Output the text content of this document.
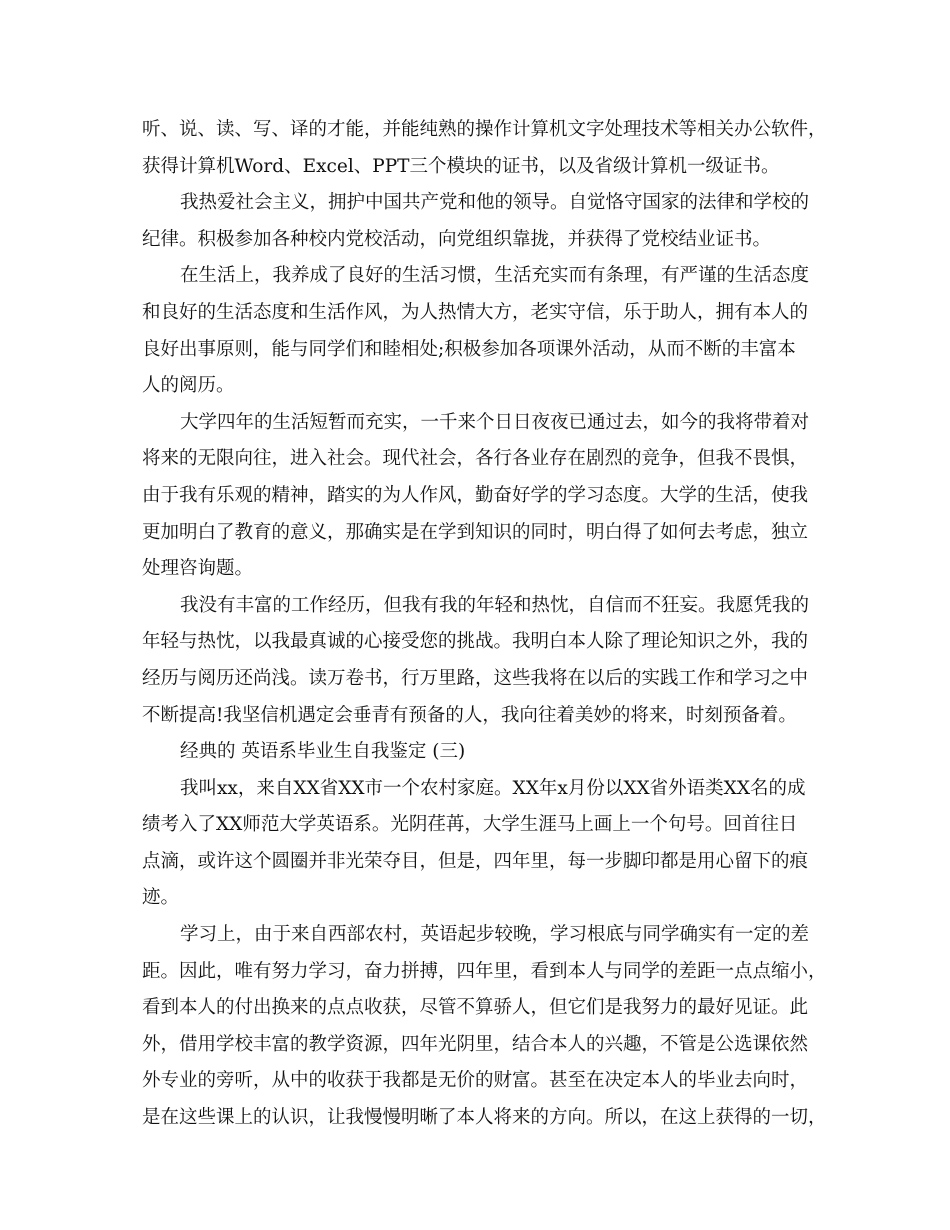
听、说、读、写、译的才能，并能纯熟的操作计算机文字处理技术等相关办公软件，
获得计算机Word、Excel、PPT三个模块的证书，以及省级计算机一级证书。
我热爱社会主义，拥护中国共产党和他的领导。自觉恪守国家的法律和学校的
纪律。积极参加各种校内党校活动，向党组织靠拢，并获得了党校结业证书。
在生活上，我养成了良好的生活习惯，生活充实而有条理，有严谨的生活态度
和良好的生活态度和生活作风，为人热情大方，老实守信，乐于助人，拥有本人的
良好出事原则，能与同学们和睦相处;积极参加各项课外活动，从而不断的丰富本
人的阅历。
大学四年的生活短暂而充实，一千来个日日夜夜已通过去，如今的我将带着对
将来的无限向往，进入社会。现代社会，各行各业存在剧烈的竞争，但我不畏惧，
由于我有乐观的精神，踏实的为人作风，勤奋好学的学习态度。大学的生活，使我
更加明白了教育的意义，那确实是在学到知识的同时，明白得了如何去考虑，独立
处理咨询题。
我没有丰富的工作经历，但我有我的年轻和热忱，自信而不狂妄。我愿凭我的
年轻与热忱，以我最真诚的心接受您的挑战。我明白本人除了理论知识之外，我的
经历与阅历还尚浅。读万卷书，行万里路，这些我将在以后的实践工作和学习之中
不断提高!我坚信机遇定会垂青有预备的人，我向往着美妙的将来，时刻预备着。
经典的 英语系毕业生自我鉴定 (三)
我叫xx，来自XX省XX市一个农村家庭。XX年x月份以XX省外语类XX名的成
绩考入了XX师范大学英语系。光阴荏苒，大学生涯马上画上一个句号。回首往日
点滴，或许这个圆圈并非光荣夺目，但是，四年里，每一步脚印都是用心留下的痕
迹。
学习上，由于来自西部农村，英语起步较晚，学习根底与同学确实有一定的差
距。因此，唯有努力学习，奋力拼搏，四年里，看到本人与同学的差距一点点缩小，
看到本人的付出换来的点点收获，尽管不算骄人，但它们是我努力的最好见证。此
外，借用学校丰富的教学资源，四年光阴里，结合本人的兴趣，不管是公选课依然
外专业的旁听，从中的收获于我都是无价的财富。甚至在决定本人的毕业去向时，
是在这些课上的认识，让我慢慢明晰了本人将来的方向。所以，在这上获得的一切，
